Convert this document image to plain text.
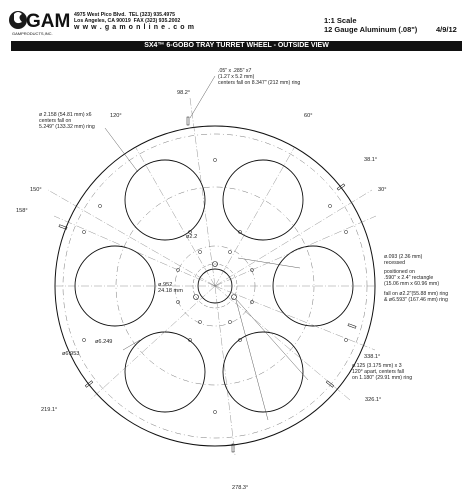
GAM
GAMPRODUCTS,INC.
4975 West Pico Blvd. TEL (323) 935.4975
Los Angeles, CA 90019 FAX (323) 935.2002
w w w . g a m o n l i n e . c o m
1:1 Scale
12 Gauge Aluminum (.08") 4/9/12
SX4™ 6-GOBO TRAY TURRET WHEEL - OUTSIDE VIEW
.05" x .285" x7
(1.27 x 5.2 mm)
centers fall on 8.347" (212 mm) ring
98.2°
ø 2.158 (54.81 mm) x6
centers fall on
5.249" (133.32 mm) ring
120°	60°
38.1°
150°	30°
158°
ø2.2
ø.952
24.18 mm
ø.093 (2.36 mm)
recessed
positioned on
.590" x 2.4" rectangle
(15.06 mm x 60.96 mm)
fall on ø2.2"(55.88 mm) ring
& ø6.593" (167.46 mm) ring
ø6.249
ø6.953	338.1°
ø.125 (3.175 mm) x 3
120° apart, centers fall
on 1.180" (29.91 mm) ring
219.1°
326.1°
278.3°
